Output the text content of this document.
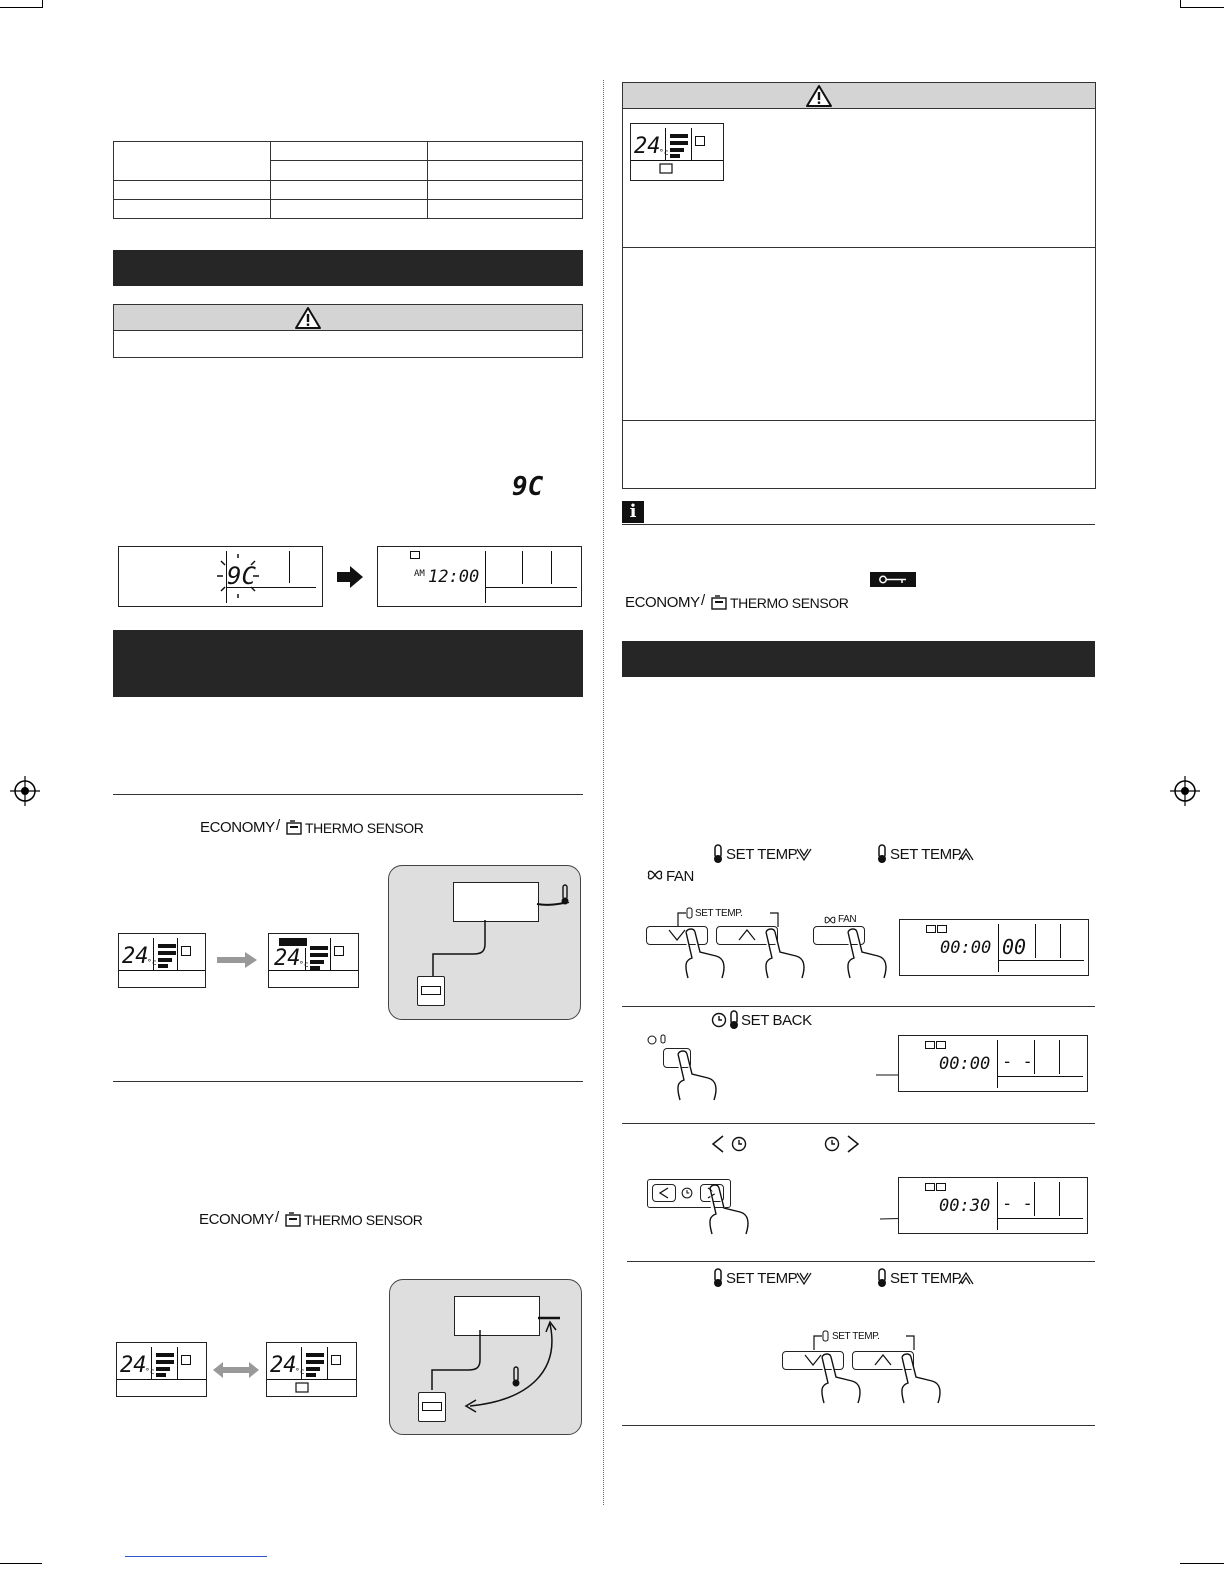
9C
9C	AM 12:00
ECONOMY / THERMO SENSOR
24
°c	24
°c
ECONOMY / THERMO SENSOR
24
°c	24
°c
24
°c
i
ECONOMY / THERMO SENSOR
SET TEMP.	SET TEMP.
FAN
SET TEMP.
FAN
00:00 00
SET BACK
00:00 - -
00:30 - -
SET TEMP.	SET TEMP.
SET TEMP.
